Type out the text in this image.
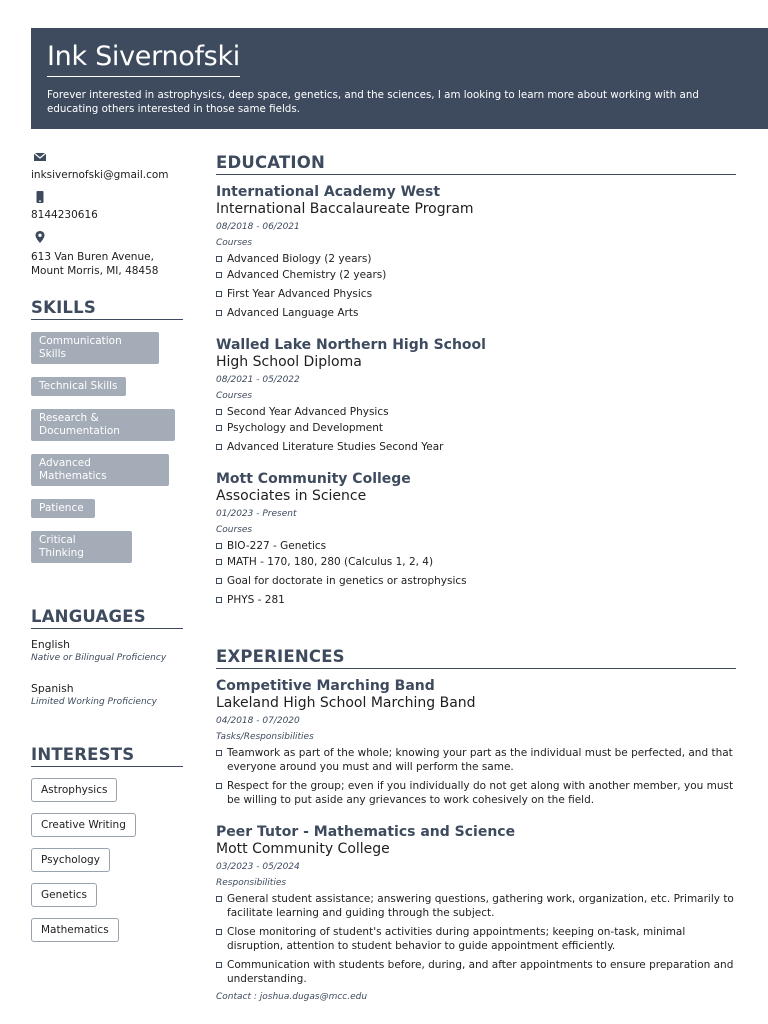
Ink Sivernofski
Forever interested in astrophysics, deep space, genetics, and the sciences, I am looking to learn more about working with and educating others interested in those same fields.
inksivernofski@gmail.com
8144230616
613 Van Buren Avenue,
Mount Morris, MI, 48458
SKILLS
Communication Skills
Technical Skills
Research & Documentation
Advanced Mathematics
Patience
Critical Thinking
LANGUAGES
English
Native or Bilingual Proficiency
Spanish
Limited Working Proficiency
INTERESTS
Astrophysics
Creative Writing
Psychology
Genetics
Mathematics
EDUCATION
International Academy West
International Baccalaureate Program
08/2018 - 06/2021
Courses
Advanced Biology (2 years)
Advanced Chemistry (2 years)
First Year Advanced Physics
Advanced Language Arts
Walled Lake Northern High School
High School Diploma
08/2021 - 05/2022
Courses
Second Year Advanced Physics
Psychology and Development
Advanced Literature Studies Second Year
Mott Community College
Associates in Science
01/2023 - Present
Courses
BIO-227 - Genetics
MATH - 170, 180, 280 (Calculus 1, 2, 4)
Goal for doctorate in genetics or astrophysics
PHYS - 281
EXPERIENCES
Competitive Marching Band
Lakeland High School Marching Band
04/2018 - 07/2020
Tasks/Responsibilities
Teamwork as part of the whole; knowing your part as the individual must be perfected, and that everyone around you must and will perform the same.
Respect for the group; even if you individually do not get along with another member, you must be willing to put aside any grievances to work cohesively on the field.
Peer Tutor - Mathematics and Science
Mott Community College
03/2023 - 05/2024
Responsibilities
General student assistance; answering questions, gathering work, organization, etc. Primarily to facilitate learning and guiding through the subject.
Close monitoring of student's activities during appointments; keeping on-task, minimal disruption, attention to student behavior to guide appointment efficiently.
Communication with students before, during, and after appointments to ensure preparation and understanding.
Contact : joshua.dugas@mcc.edu
